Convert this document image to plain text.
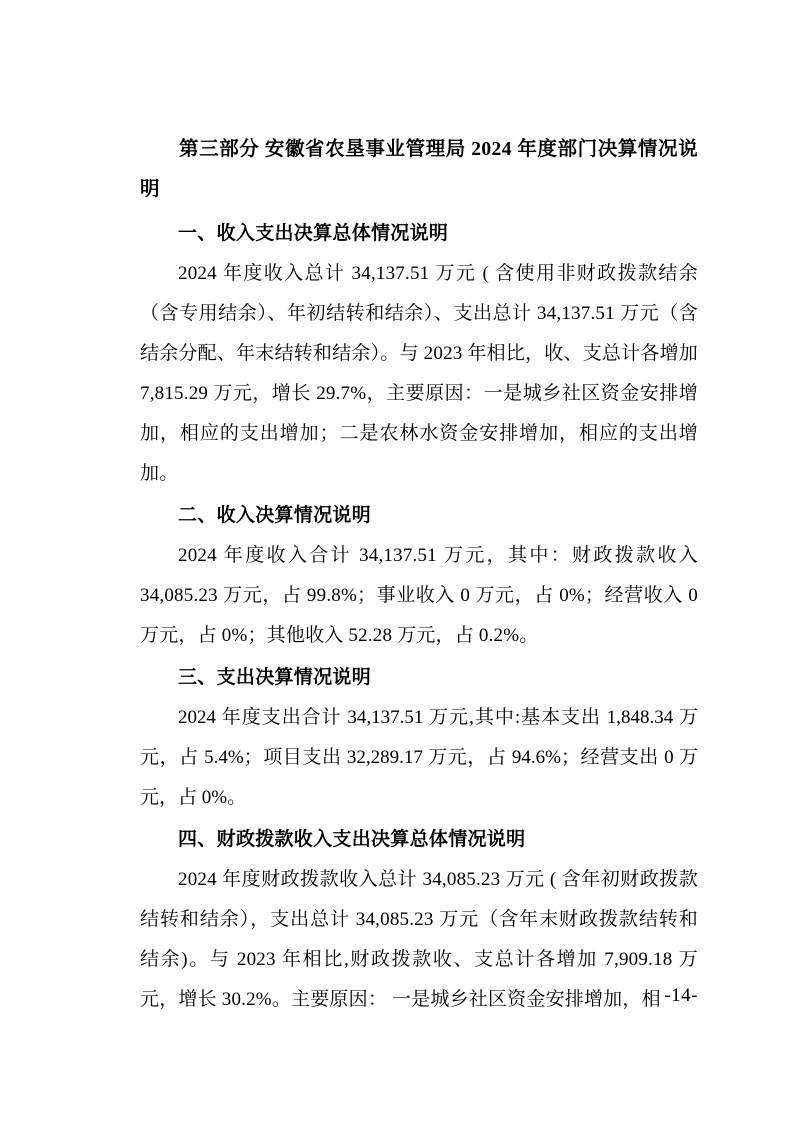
第三部分 安徽省农垦事业管理局 2024 年度部门决算情况说明
一、收入支出决算总体情况说明

2024 年度收入总计 34,137.51 万元 ( 含使用非财政拨款结余（含专用结余）、年初结转和结余）、支出总计 34,137.51 万元（含结余分配、年末结转和结余）。与 2023 年相比，收、支总计各增加 7,815.29 万元，增长 29.7%，主要原因：一是城乡社区资金安排增加，相应的支出增加；二是农林水资金安排增加，相应的支出增加。

二、收入决算情况说明

2024 年度收入合计 34,137.51 万元，其中：财政拨款收入 34,085.23 万元，占 99.8%；事业收入 0 万元，占 0%；经营收入 0 万元，占 0%；其他收入 52.28 万元，占 0.2%。

三、支出决算情况说明

2024 年度支出合计 34,137.51 万元,其中:基本支出 1,848.34 万元，占 5.4%；项目支出 32,289.17 万元，占 94.6%；经营支出 0 万元，占 0%。

四、财政拨款收入支出决算总体情况说明

2024 年度财政拨款收入总计 34,085.23 万元 ( 含年初财政拨款结转和结余），支出总计 34,085.23 万元（含年末财政拨款结转和结余)。与 2023 年相比,财政拨款收、支总计各增加 7,909.18 万元，增长 30.2%。主要原因： 一是城乡社区资金安排增加，相 -14-
